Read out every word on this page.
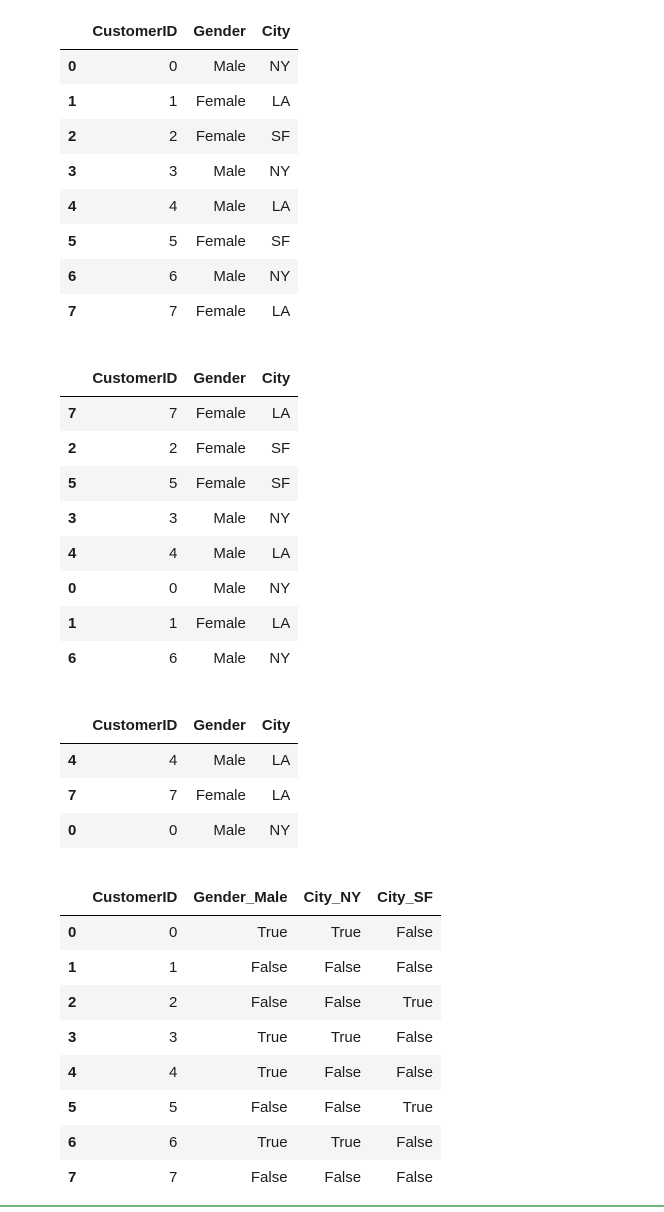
	CustomerID	Gender	City
0	0	Male	NY
1	1	Female	LA
2	2	Female	SF
3	3	Male	NY
4	4	Male	LA
5	5	Female	SF
6	6	Male	NY
7	7	Female	LA
	CustomerID	Gender	City
7	7	Female	LA
2	2	Female	SF
5	5	Female	SF
3	3	Male	NY
4	4	Male	LA
0	0	Male	NY
1	1	Female	LA
6	6	Male	NY
	CustomerID	Gender	City
4	4	Male	LA
7	7	Female	LA
0	0	Male	NY
	CustomerID	Gender_Male	City_NY	City_SF
0	0	True	True	False
1	1	False	False	False
2	2	False	False	True
3	3	True	True	False
4	4	True	False	False
5	5	False	False	True
6	6	True	True	False
7	7	False	False	False
